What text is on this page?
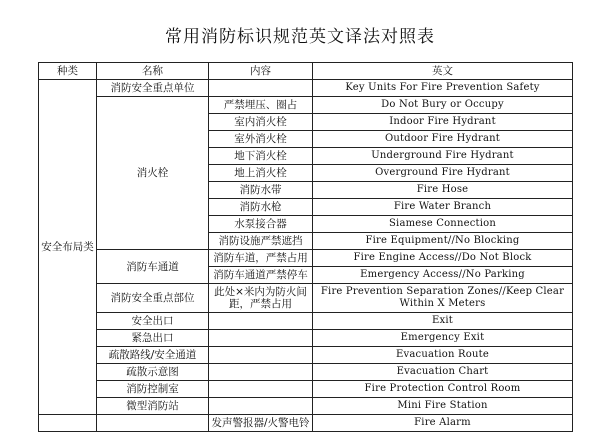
常用消防标识规范英文译法对照表
种类	名称	内容	英文
安全布局类	消防安全重点单位		Key Units For Fire Prevention Safety
	消火栓	严禁埋压、圈占	Do Not Bury or Occupy
		室内消火栓	Indoor Fire Hydrant
		室外消火栓	Outdoor Fire Hydrant
		地下消火栓	Underground Fire Hydrant
		地上消火栓	Overground Fire Hydrant
		消防水带	Fire Hose
		消防水枪	Fire Water Branch
		水泵接合器	Siamese Connection
		消防设施严禁遮挡	Fire Equipment//No Blocking
	消防车通道	消防车道，严禁占用	Fire Engine Access//Do Not Block
		消防车通道严禁停车	Emergency Access//No Parking
	消防安全重点部位	此处×米内为防火间距，严禁占用	Fire Prevention Separation Zones//Keep Clear Within X Meters
	安全出口		Exit
	紧急出口		Emergency Exit
	疏散路线/安全通道		Evacuation Route
	疏散示意图		Evacuation Chart
	消防控制室		Fire Protection Control Room
	微型消防站		Mini Fire Station
		发声警报器/火警电铃	Fire Alarm
